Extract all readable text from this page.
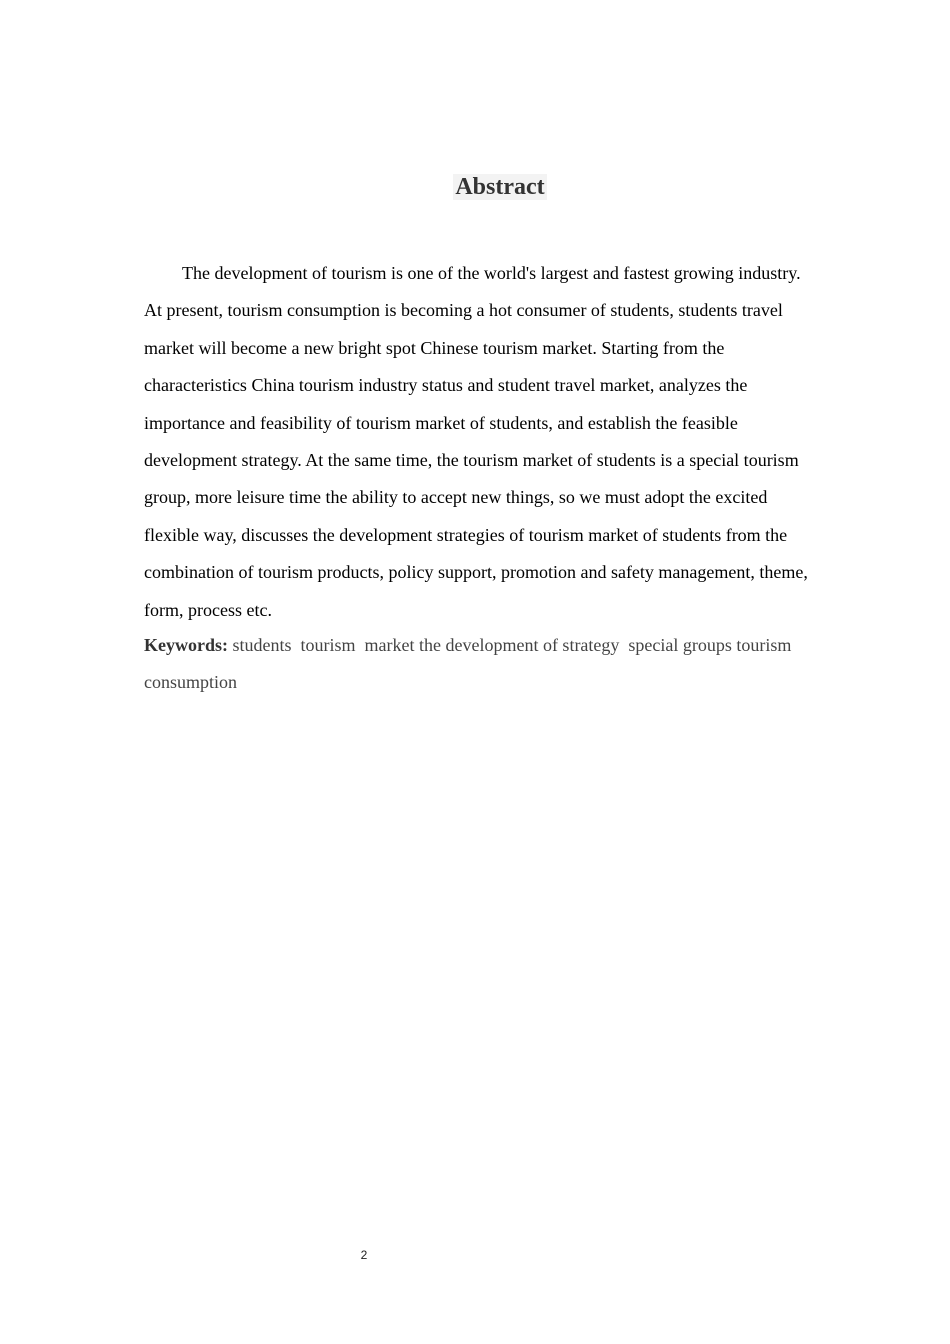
Abstract

The development of tourism is one of the world's largest and fastest growing industry. At present, tourism consumption is becoming a hot consumer of students, students travel market will become a new bright spot Chinese tourism market. Starting from the characteristics China tourism industry status and student travel market, analyzes the importance and feasibility of tourism market of students, and establish the feasible development strategy. At the same time, the tourism market of students is a special tourism group, more leisure time the ability to accept new things, so we must adopt the excited flexible way, discusses the development strategies of tourism market of students from the combination of tourism products, policy support, promotion and safety management, theme, form, process etc.

Keywords: students  tourism  market the development of strategy  special groups tourism consumption

2
